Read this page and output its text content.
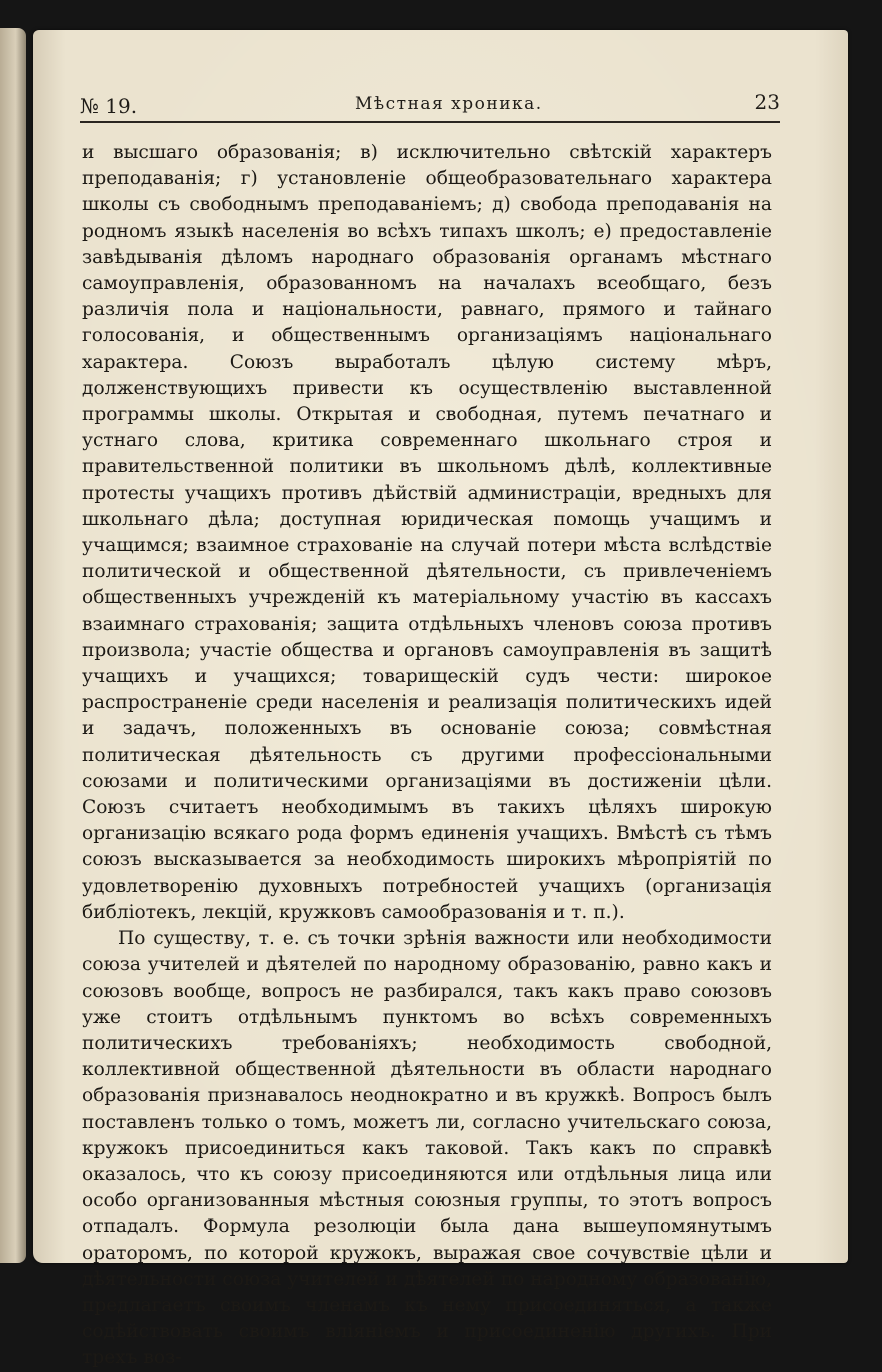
№ 19.	Мѣстная хроника.	23

и высшаго образованія; в) исключительно свѣтскій характеръ преподаванія; г) установленіе общеобразовательнаго характера школы съ свободнымъ преподаваніемъ; д) свобода преподаванія на родномъ языкѣ населенія во всѣхъ типахъ школъ; е) предоставленіе завѣдыванія дѣломъ народнаго образованія органамъ мѣстнаго самоуправленія, образованномъ на началахъ всеобщаго, безъ различія пола и національности, равнаго, прямого и тайнаго голосованія, и общественнымъ организаціямъ національнаго характера. Союзъ выработалъ цѣлую систему мѣръ, долженствующихъ привести къ осуществленію выставленной программы школы. Открытая и свободная, путемъ печатнаго и устнаго слова, критика современнаго школьнаго строя и правительственной политики въ школьномъ дѣлѣ, коллективные протесты учащихъ противъ дѣйствій администраціи, вредныхъ для школьнаго дѣла; доступная юридическая помощь учащимъ и учащимся; взаимное страхованіе на случай потери мѣста вслѣдствіе политической и общественной дѣятельности, съ привлеченіемъ общественныхъ учрежденій къ матеріальному участію въ кассахъ взаимнаго страхованія; защита отдѣльныхъ членовъ союза противъ произвола; участіе общества и органовъ самоуправленія въ защитѣ учащихъ и учащихся; товарищескій судъ чести: широкое распространеніе среди населенія и реализація политическихъ идей и задачъ, положенныхъ въ основаніе союза; совмѣстная политическая дѣятельность съ другими профессіональными союзами и политическими организаціями въ достиженіи цѣли. Союзъ считаетъ необходимымъ въ такихъ цѣляхъ широкую организацію всякаго рода формъ единенія учащихъ. Вмѣстѣ съ тѣмъ союзъ высказывается за необходимость широкихъ мѣропріятій по удовлетворенію духовныхъ потребностей учащихъ (организація библіотекъ, лекцій, кружковъ самообразованія и т. п.).

По существу, т. е. съ точки зрѣнія важности или необходимости союза учителей и дѣятелей по народному образованію, равно какъ и союзовъ вообще, вопросъ не разбирался, такъ какъ право союзовъ уже стоитъ отдѣльнымъ пунктомъ во всѣхъ современныхъ политическихъ требованіяхъ; необходимость свободной, коллективной общественной дѣятельности въ области народнаго образованія признавалось неоднократно и въ кружкѣ. Вопросъ былъ поставленъ только о томъ, можетъ ли, согласно учительскаго союза, кружокъ присоединиться какъ таковой. Такъ какъ по справкѣ оказалось, что къ союзу присоединяются или отдѣльныя лица или особо организованныя мѣстныя союзныя группы, то этотъ вопросъ отпадалъ. Формула резолюціи была дана вышеупомянутымъ ораторомъ, по которой кружокъ, выражая свое сочувствіе цѣли и дѣятельности союза учителей и дѣятелей по народному образованію, предлагаетъ своимъ членамъ къ нему присоединяться, а также содѣйствовать своимъ вліяніемъ и присоединенію другихъ. При трехъ воз-
